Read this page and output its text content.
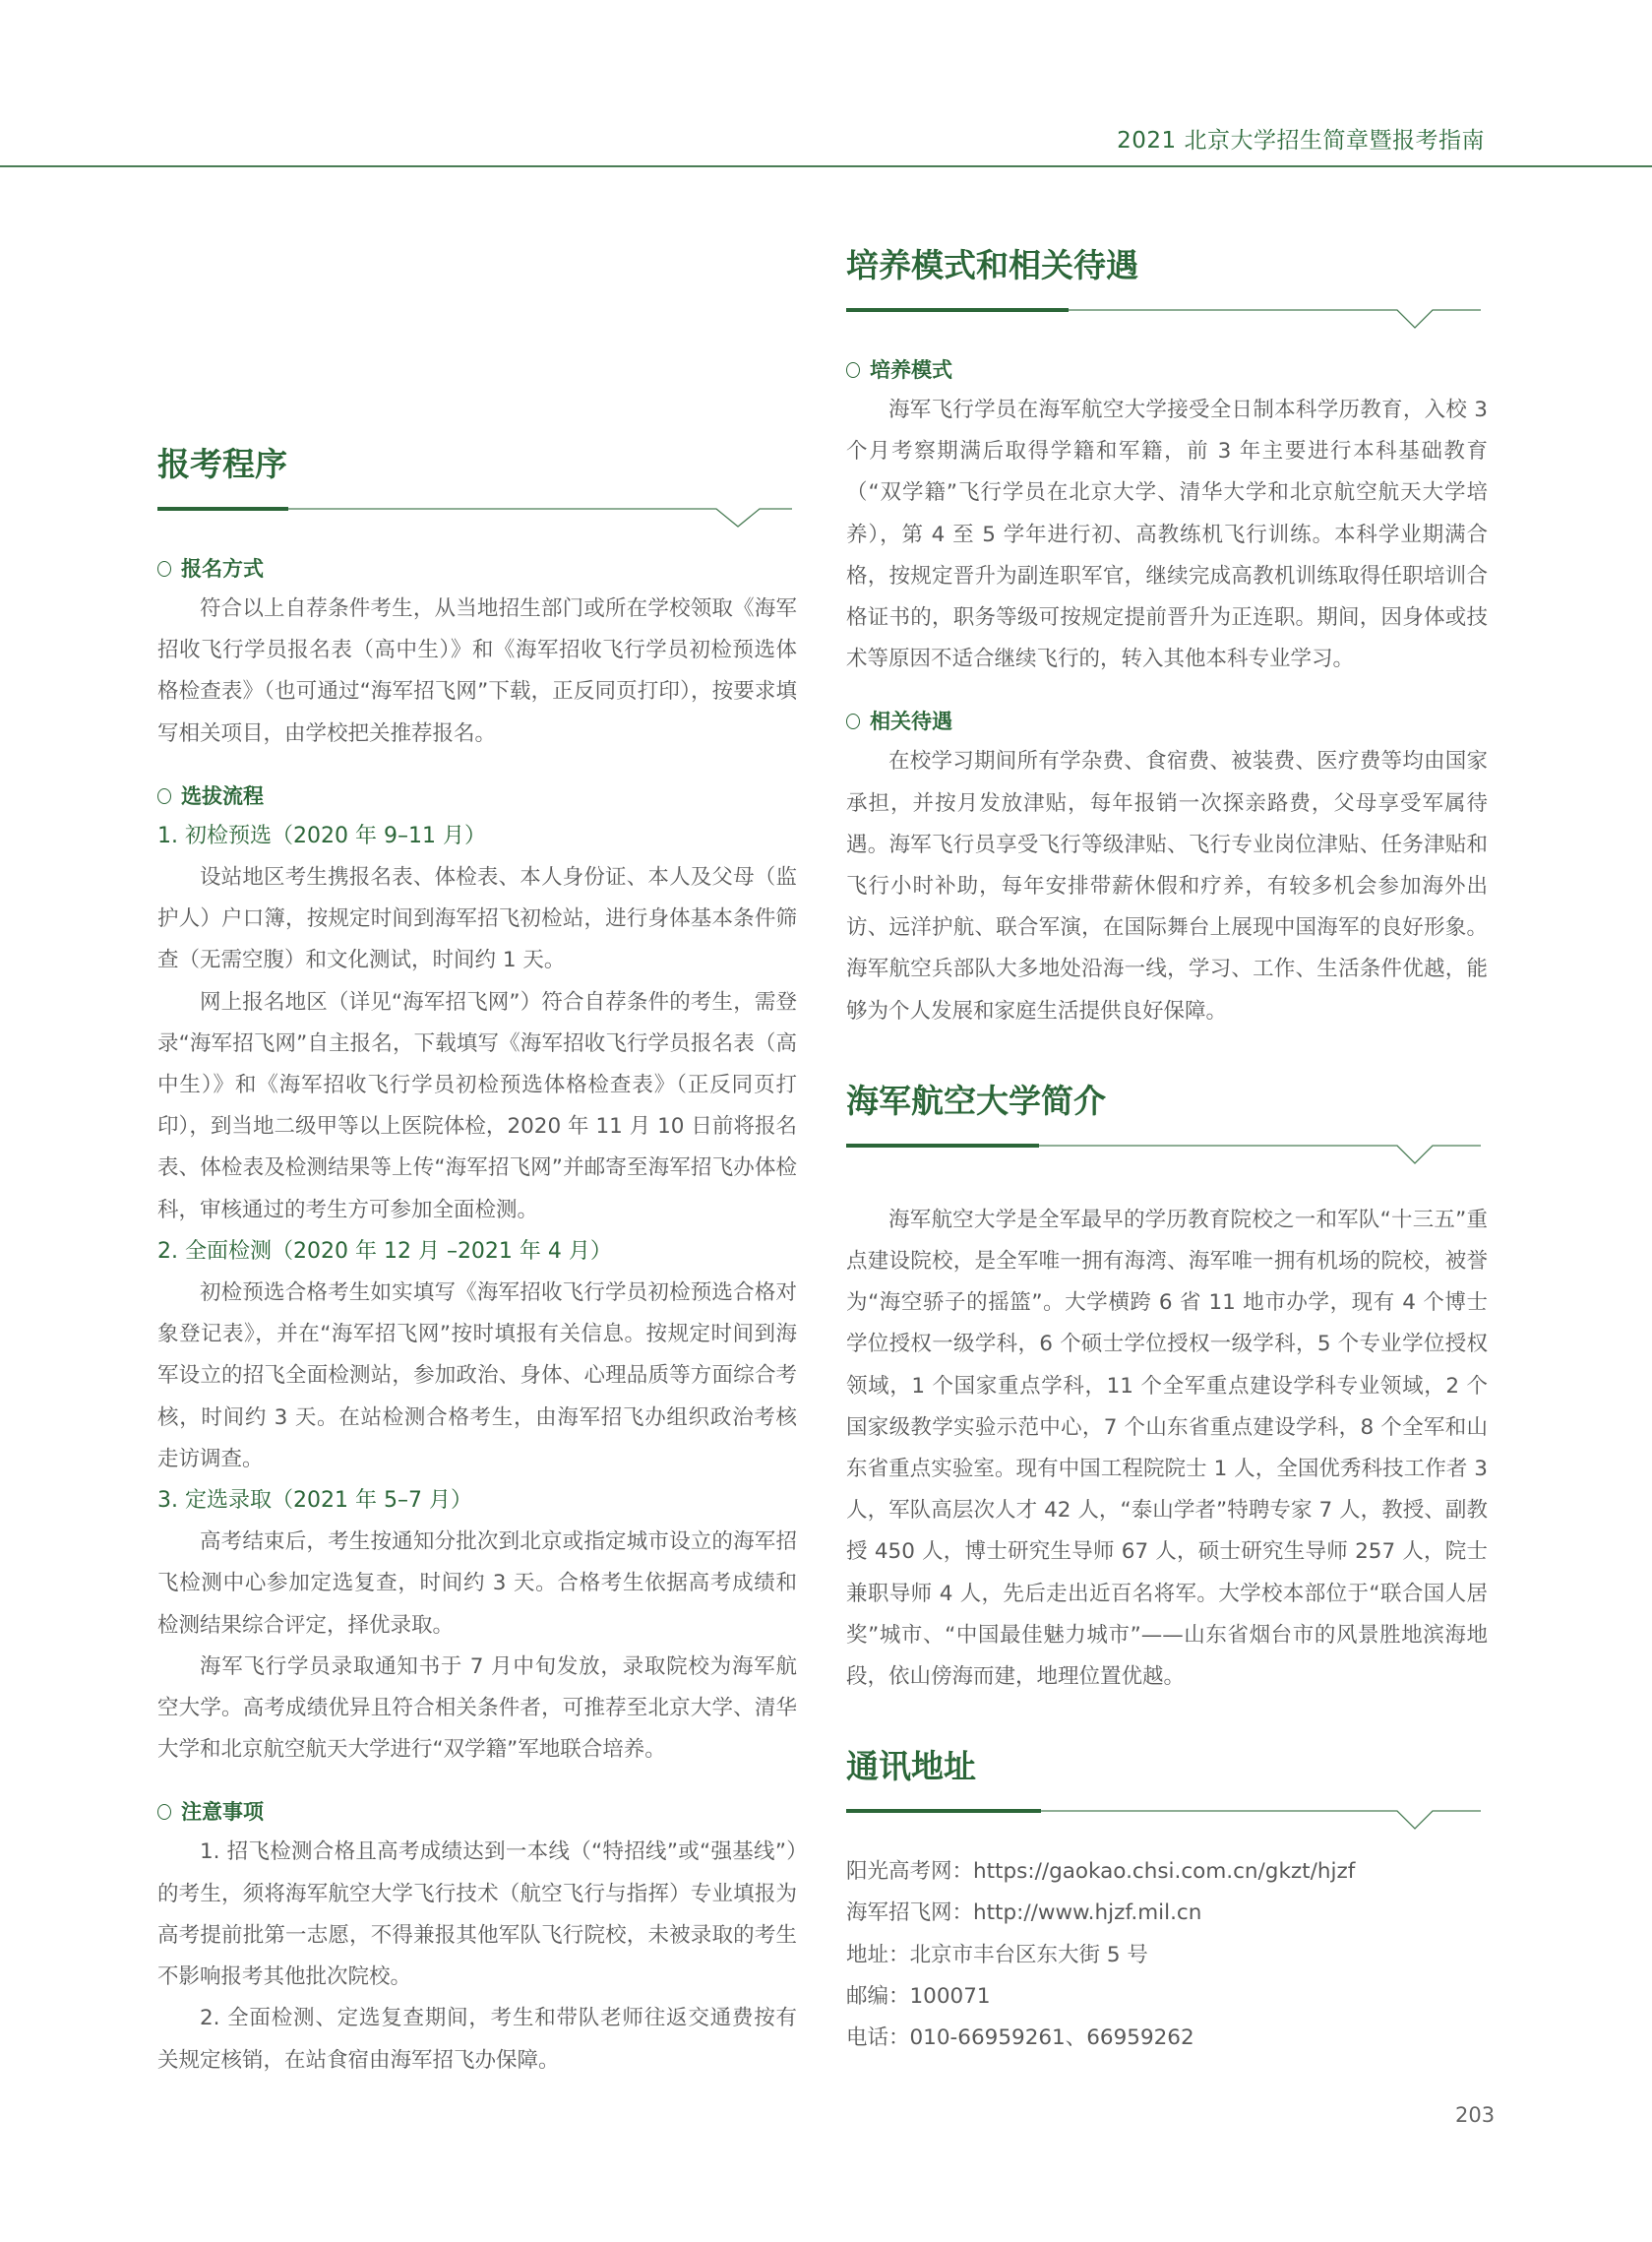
2021 北京大学招生简章暨报考指南
报考程序

报名方式

符合以上自荐条件考生，从当地招生部门或所在学校领取《海军招收飞行学员报名表（高中生）》和《海军招收飞行学员初检预选体格检查表》（也可通过“海军招飞网”下载，正反同页打印），按要求填写相关项目，由学校把关推荐报名。

选拔流程

1. 初检预选（2020 年 9–11 月）

设站地区考生携报名表、体检表、本人身份证、本人及父母（监护人）户口簿，按规定时间到海军招飞初检站，进行身体基本条件筛查（无需空腹）和文化测试，时间约 1 天。

网上报名地区（详见“海军招飞网”）符合自荐条件的考生，需登录“海军招飞网”自主报名，下载填写《海军招收飞行学员报名表（高中生）》和《海军招收飞行学员初检预选体格检查表》（正反同页打印），到当地二级甲等以上医院体检，2020 年 11 月 10 日前将报名表、体检表及检测结果等上传“海军招飞网”并邮寄至海军招飞办体检科，审核通过的考生方可参加全面检测。

2. 全面检测（2020 年 12 月 –2021 年 4 月）

初检预选合格考生如实填写《海军招收飞行学员初检预选合格对象登记表》，并在“海军招飞网”按时填报有关信息。按规定时间到海军设立的招飞全面检测站，参加政治、身体、心理品质等方面综合考核，时间约 3 天。在站检测合格考生，由海军招飞办组织政治考核走访调查。

3. 定选录取（2021 年 5–7 月）

高考结束后，考生按通知分批次到北京或指定城市设立的海军招飞检测中心参加定选复查，时间约 3 天。合格考生依据高考成绩和检测结果综合评定，择优录取。

海军飞行学员录取通知书于 7 月中旬发放，录取院校为海军航空大学。高考成绩优异且符合相关条件者，可推荐至北京大学、清华大学和北京航空航天大学进行“双学籍”军地联合培养。

注意事项

1. 招飞检测合格且高考成绩达到一本线（“特招线”或“强基线”）的考生，须将海军航空大学飞行技术（航空飞行与指挥）专业填报为高考提前批第一志愿，不得兼报其他军队飞行院校，未被录取的考生不影响报考其他批次院校。

2. 全面检测、定选复查期间，考生和带队老师往返交通费按有关规定核销，在站食宿由海军招飞办保障。

培养模式和相关待遇

培养模式

海军飞行学员在海军航空大学接受全日制本科学历教育，入校 3 个月考察期满后取得学籍和军籍，前 3 年主要进行本科基础教育（“双学籍”飞行学员在北京大学、清华大学和北京航空航天大学培养），第 4 至 5 学年进行初、高教练机飞行训练。本科学业期满合格，按规定晋升为副连职军官，继续完成高教机训练取得任职培训合格证书的，职务等级可按规定提前晋升为正连职。期间，因身体或技术等原因不适合继续飞行的，转入其他本科专业学习。

相关待遇

在校学习期间所有学杂费、食宿费、被装费、医疗费等均由国家承担，并按月发放津贴，每年报销一次探亲路费，父母享受军属待遇。海军飞行员享受飞行等级津贴、飞行专业岗位津贴、任务津贴和飞行小时补助，每年安排带薪休假和疗养，有较多机会参加海外出访、远洋护航、联合军演，在国际舞台上展现中国海军的良好形象。海军航空兵部队大多地处沿海一线，学习、工作、生活条件优越，能够为个人发展和家庭生活提供良好保障。

海军航空大学简介

海军航空大学是全军最早的学历教育院校之一和军队“十三五”重点建设院校，是全军唯一拥有海湾、海军唯一拥有机场的院校，被誉为“海空骄子的摇篮”。大学横跨 6 省 11 地市办学，现有 4 个博士学位授权一级学科，6 个硕士学位授权一级学科，5 个专业学位授权领域，1 个国家重点学科，11 个全军重点建设学科专业领域，2 个国家级教学实验示范中心，7 个山东省重点建设学科，8 个全军和山东省重点实验室。现有中国工程院院士 1 人，全国优秀科技工作者 3 人，军队高层次人才 42 人，“泰山学者”特聘专家 7 人，教授、副教授 450 人，博士研究生导师 67 人，硕士研究生导师 257 人，院士兼职导师 4 人，先后走出近百名将军。大学校本部位于“联合国人居奖”城市、“中国最佳魅力城市”——山东省烟台市的风景胜地滨海地段，依山傍海而建，地理位置优越。

通讯地址

阳光高考网：https://gaokao.chsi.com.cn/gkzt/hjzf

海军招飞网：http://www.hjzf.mil.cn

地址：北京市丰台区东大街 5 号

邮编：100071

电话：010-66959261、66959262

203
